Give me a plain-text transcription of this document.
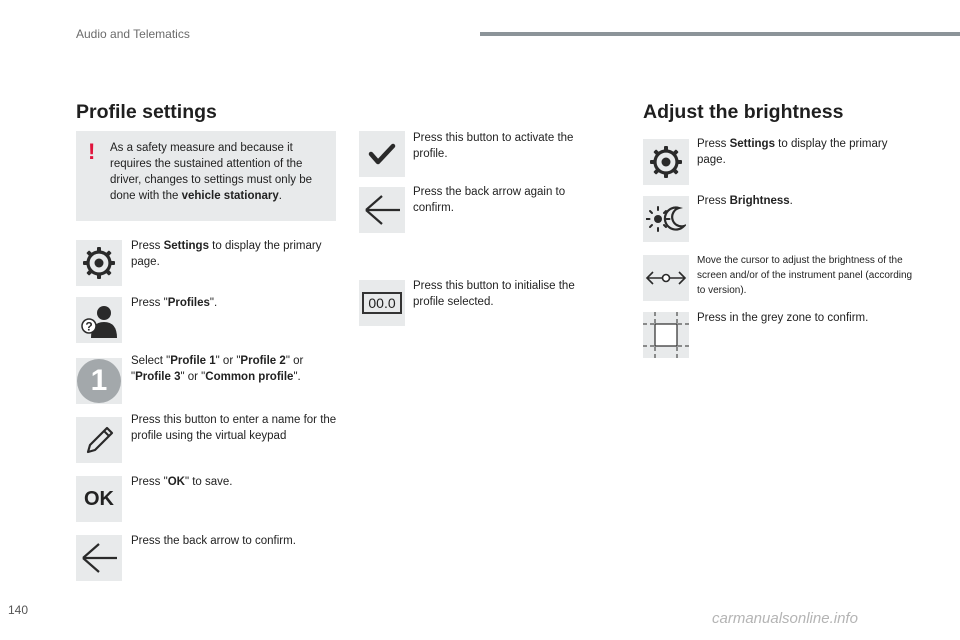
Audio and Telematics
Profile settings
! As a safety measure and because it requires the sustained attention of the driver, changes to settings must only be done with the vehicle stationary.
Press Settings to display the primary page.
?
Press "Profiles".
1
Select "Profile 1" or "Profile 2" or "Profile 3" or "Common profile".
Press this button to enter a name for the profile using the virtual keypad
OK
Press "OK" to save.
Press the back arrow to confirm.
Press this button to activate the profile.
Press the back arrow again to confirm.
00.0
Press this button to initialise the profile selected.
Adjust the brightness
Press Settings to display the primary page.
Press Brightness.
Move the cursor to adjust the brightness of the screen and/or of the instrument panel (according to version).
Press in the grey zone to confirm.
140	carmanualsonline.info
